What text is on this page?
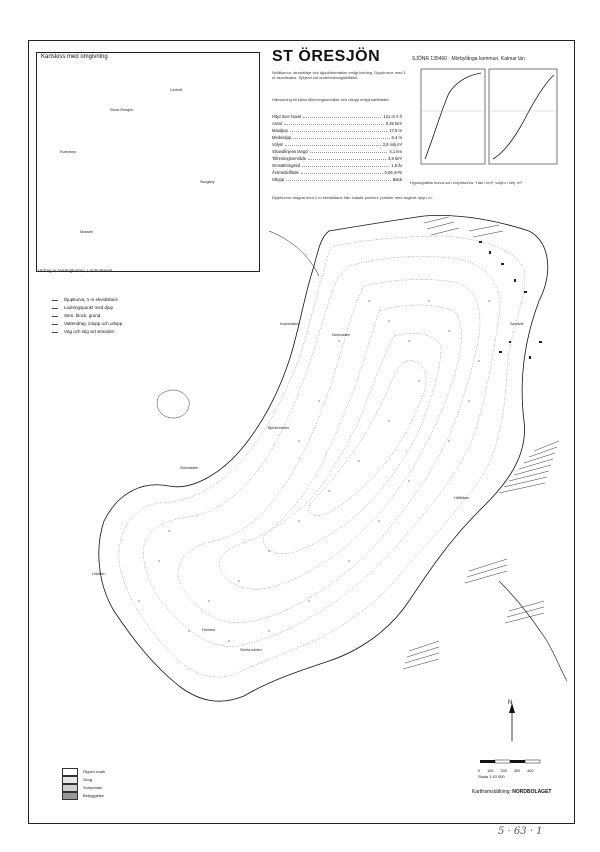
Kartskiss med omgivning
Utdrag ur terrängkartan, Lantmäteriet
Stora Öresjön
Lövhult
Kvarntorp
Skogsby
Mossen
ST ÖRESJÖN	SJÖNR 135460 · Mörbylånga kommun, Kalmar län
Nivåkurvor, strandlinje och djupinformation enligt lodning. Djupkurvor med 1 m ekvidistans. Sjöytan vid undersökningstillfället.
Hänvisning till sjöns tillrinningsområde och utlopp enligt kartbladet.
Höjd över havet	121 m ö h
Areal	0,45 km²
Maxdjup	17,5 m
Medeldjup	6,4 m
Volym	2,9 milj m³
Strandlinjens längd	4,1 km
Tillrinningsområde	3,8 km²
Omsättningstid	1,6 år
Årsmedelflöde	0,06 m³/s
Utlopp	Bäck
Hypsografisk kurva och volymkurva. Ytan i km², volym i milj. m³.
Djupkurvor dragna med 1 m ekvidistans från lodade punkter; punkter med angivet djup i m.
Djupkurva, 1 m ekvidistans
Lodningspunkt med djup
Sten, block, grund
Vattendrag, inlopp och utlopp
Väg och stig vid stranden
Kvarnviken
Norrudden
Sandvik
Björkholmen
Stenudden
Hällviken
Holmen
Södra udden
Lillviken
Öppen mark
Skog
Sumpmark
Bebyggelse
0 100 200 300 400
Skala 1:10 000
N
Kartframställning: NORDBOLAGET
5 · 63 · 1
